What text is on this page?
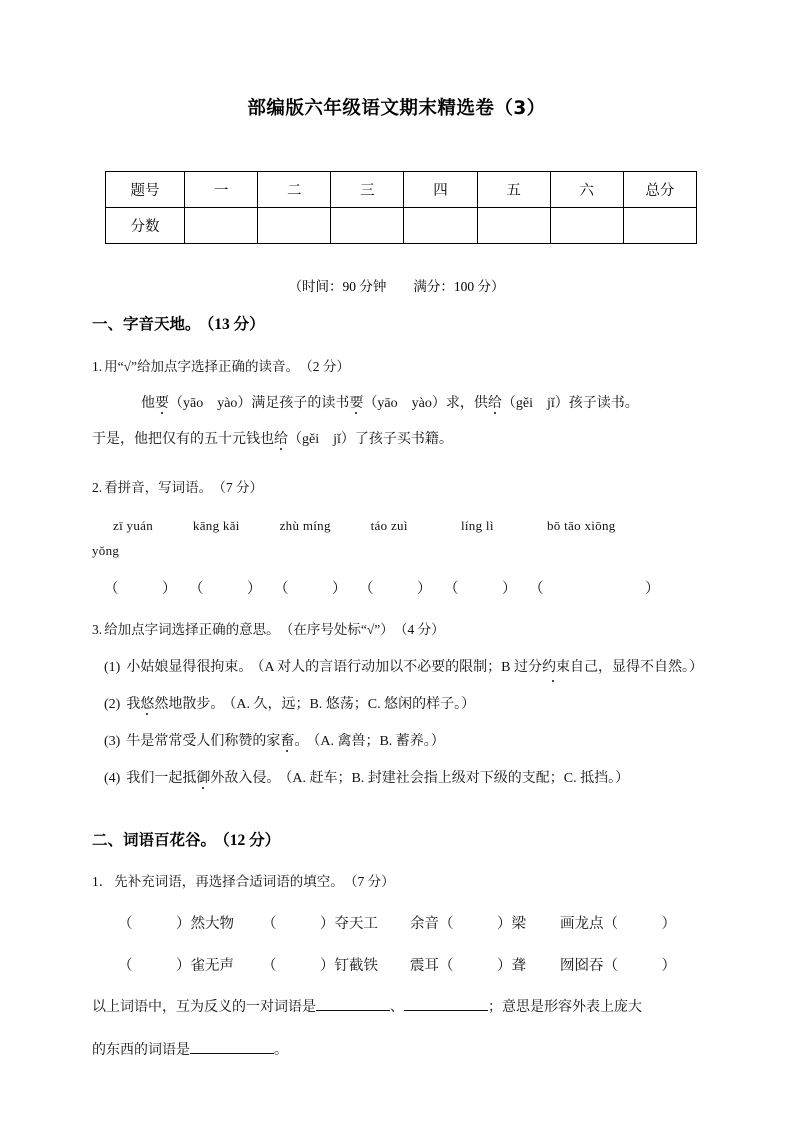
部编版六年级语文期末精选卷（3）
题号	一	二	三	四	五	六	总分
分数							
（时间：90 分钟　　满分：100 分）
一、字音天地。 （13 分）
1. 用“√”给加点字选择正确的读音。 （2 分）
他要（yāo　yào）满足孩子的读书要（yāo　yào）求，供给（gěi　jǐ）孩子读书。
于是，他把仅有的五十元钱也给（gěi　jǐ）了孩子买书籍。
2. 看拼音，写词语。 （7 分）
zī yuán　　　kāng kǎi　　　zhù míng　　　táo zuì　　　　líng lì　　　　bō tāo xiōng
yǒng
（　　　） （　　　） （　　　） （　　　） （　　　） （　　　　　　　）
3. 给加点字词选择正确的意思。 （在序号处标“√”） （4 分）
(1) 小姑娘显得很拘束。 （A 对人的言语行动加以不必要的限制；B 过分约束自己，显得不自然。）
(2) 我悠然地散步。 （A. 久，远；B. 悠荡；C. 悠闲的样子。）
(3) 牛是常常受人们称赞的家畜。 （A. 禽兽；B. 蓄养。）
(4) 我们一起抵御外敌入侵。 （A. 赶车；B. 封建社会指上级对下级的支配；C. 抵挡。）
二、词语百花谷。 （12 分）
1． 先补充词语，再选择合适词语的填空。 （7 分）
（　　　）然大物 （　　　）夺天工 余音（　　　）梁 画龙点（　　　）
（　　　）雀无声 （　　　）钉截铁 震耳（　　　）聋 囫囵吞（　　　）
以上词语中，互为反义的一对词语是	、	；意思是形容外表上庞大
的东西的词语是	。
